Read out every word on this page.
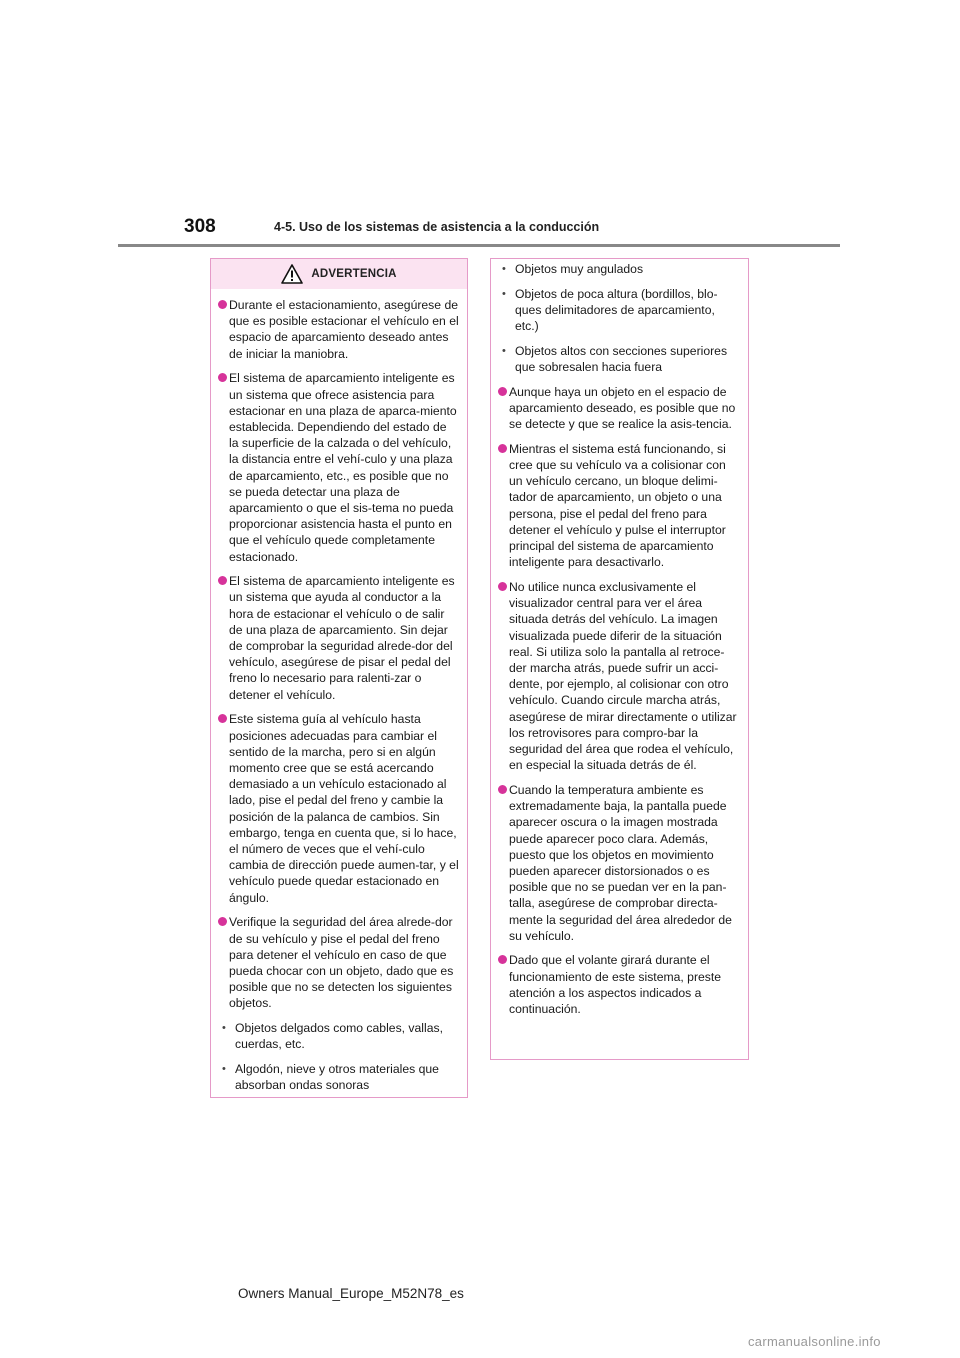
308	4-5. Uso de los sistemas de asistencia a la conducción
ADVERTENCIA
Durante el estacionamiento, asegúrese de que es posible estacionar el vehículo en el espacio de aparcamiento deseado antes de iniciar la maniobra.
El sistema de aparcamiento inteligente es un sistema que ofrece asistencia para estacionar en una plaza de aparca-miento establecida. Dependiendo del estado de la superficie de la calzada o del vehículo, la distancia entre el vehí-culo y una plaza de aparcamiento, etc., es posible que no se pueda detectar una plaza de aparcamiento o que el sis-tema no pueda proporcionar asistencia hasta el punto en que el vehículo quede completamente estacionado.
El sistema de aparcamiento inteligente es un sistema que ayuda al conductor a la hora de estacionar el vehículo o de salir de una plaza de aparcamiento. Sin dejar de comprobar la seguridad alrede-dor del vehículo, asegúrese de pisar el pedal del freno lo necesario para ralenti-zar o detener el vehículo.
Este sistema guía al vehículo hasta posiciones adecuadas para cambiar el sentido de la marcha, pero si en algún momento cree que se está acercando demasiado a un vehículo estacionado al lado, pise el pedal del freno y cambie la posición de la palanca de cambios. Sin embargo, tenga en cuenta que, si lo hace, el número de veces que el vehí-culo cambia de dirección puede aumen-tar, y el vehículo puede quedar estacionado en ángulo.
Verifique la seguridad del área alrede-dor de su vehículo y pise el pedal del freno para detener el vehículo en caso de que pueda chocar con un objeto, dado que es posible que no se detecten los siguientes objetos.
• Objetos delgados como cables, vallas, cuerdas, etc.
• Algodón, nieve y otros materiales que absorban ondas sonoras
• Objetos muy angulados
• Objetos de poca altura (bordillos, blo-ques delimitadores de aparcamiento, etc.)
• Objetos altos con secciones superiores que sobresalen hacia fuera
Aunque haya un objeto en el espacio de aparcamiento deseado, es posible que no se detecte y que se realice la asis-tencia.
Mientras el sistema está funcionando, si cree que su vehículo va a colisionar con un vehículo cercano, un bloque delimi-tador de aparcamiento, un objeto o una persona, pise el pedal del freno para detener el vehículo y pulse el interruptor principal del sistema de aparcamiento inteligente para desactivarlo.
No utilice nunca exclusivamente el visualizador central para ver el área situada detrás del vehículo. La imagen visualizada puede diferir de la situación real. Si utiliza solo la pantalla al retroce-der marcha atrás, puede sufrir un acci-dente, por ejemplo, al colisionar con otro vehículo. Cuando circule marcha atrás, asegúrese de mirar directamente o utilizar los retrovisores para compro-bar la seguridad del área que rodea el vehículo, en especial la situada detrás de él.
Cuando la temperatura ambiente es extremadamente baja, la pantalla puede aparecer oscura o la imagen mostrada puede aparecer poco clara. Además, puesto que los objetos en movimiento pueden aparecer distorsionados o es posible que no se puedan ver en la pan-talla, asegúrese de comprobar directa-mente la seguridad del área alrededor de su vehículo.
Dado que el volante girará durante el funcionamiento de este sistema, preste atención a los aspectos indicados a continuación.
Owners Manual_Europe_M52N78_es
carmanualsonline.info
